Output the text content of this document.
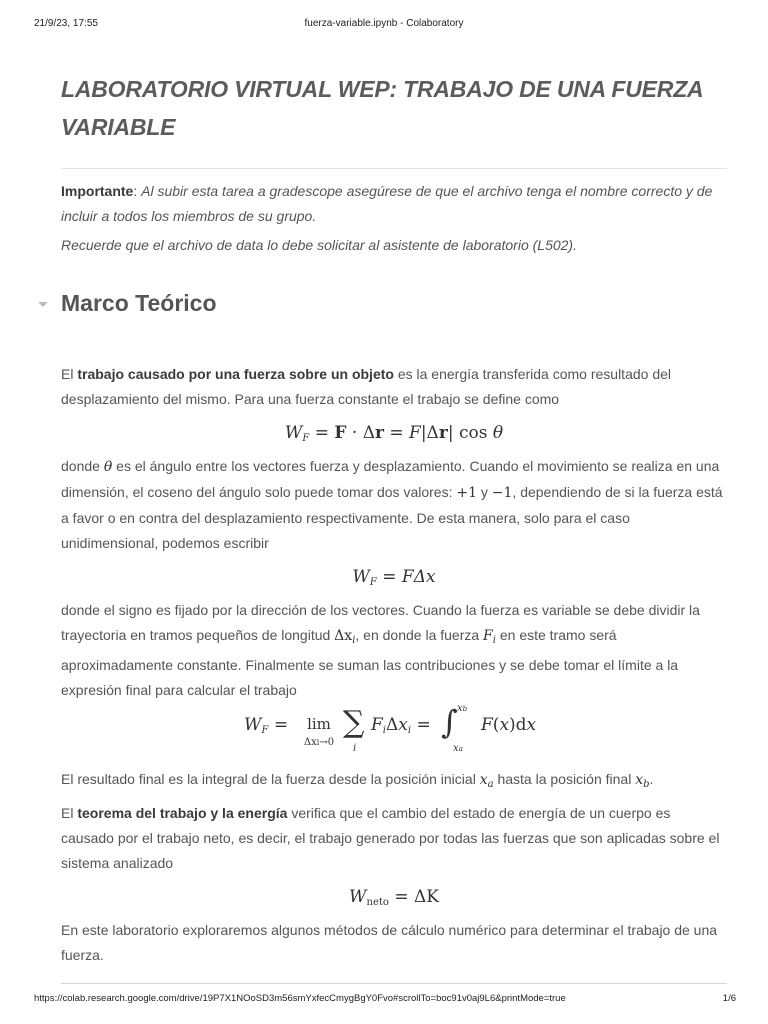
21/9/23, 17:55	fuerza-variable.ipynb - Colaboratory
LABORATORIO VIRTUAL WEP: TRABAJO DE UNA FUERZA VARIABLE

Importante: Al subir esta tarea a gradescope asegúrese de que el archivo tenga el nombre correcto y de incluir a todos los miembros de su grupo.

Recuerde que el archivo de data lo debe solicitar al asistente de laboratorio (L502).

Marco Teórico

El trabajo causado por una fuerza sobre un objeto es la energía transferida como resultado del desplazamiento del mismo. Para una fuerza constante el trabajo se define como

$W_F = F \cdot \Delta r = F|\Delta r|$ cos θ

donde θ es el ángulo entre los vectores fuerza y desplazamiento. Cuando el movimiento se realiza en una dimensión, el coseno del ángulo solo puede tomar dos valores: +1 y −1, dependiendo de si la fuerza está a favor o en contra del desplazamiento respectivamente. De esta manera, solo para el caso unidimensional, podemos escribir

$W_F = F\Delta x$

donde el signo es fijado por la dirección de los vectores. Cuando la fuerza es variable se debe dividir la trayectoria en tramos pequeños de longitud $\Delta x_i$, en donde la fuerza $F_i$ en este tramo será aproximadamente constante. Finalmente se suman las contribuciones y se debe tomar el límite a la expresión final para calcular el trabajo

$W_F$ =	lim
Δxi→0
∑
i
$F_i\Delta x_i$ = ∫ xb
xa
F(x)dx

El resultado final es la integral de la fuerza desde la posición inicial $x_a$ hasta la posición final $x_b$.

El teorema del trabajo y la energía verifica que el cambio del estado de energía de un cuerpo es causado por el trabajo neto, es decir, el trabajo generado por todas las fuerzas que son aplicadas sobre el sistema analizado

$W_{neto} = \Delta K$

En este laboratorio exploraremos algunos métodos de cálculo numérico para determinar el trabajo de una fuerza.

https://colab.research.google.com/drive/19P7X1NOoSD3m56smYxfecCmygBgY0Fvo#scrollTo=boc91v0aj9L6&printMode=true	1/6
